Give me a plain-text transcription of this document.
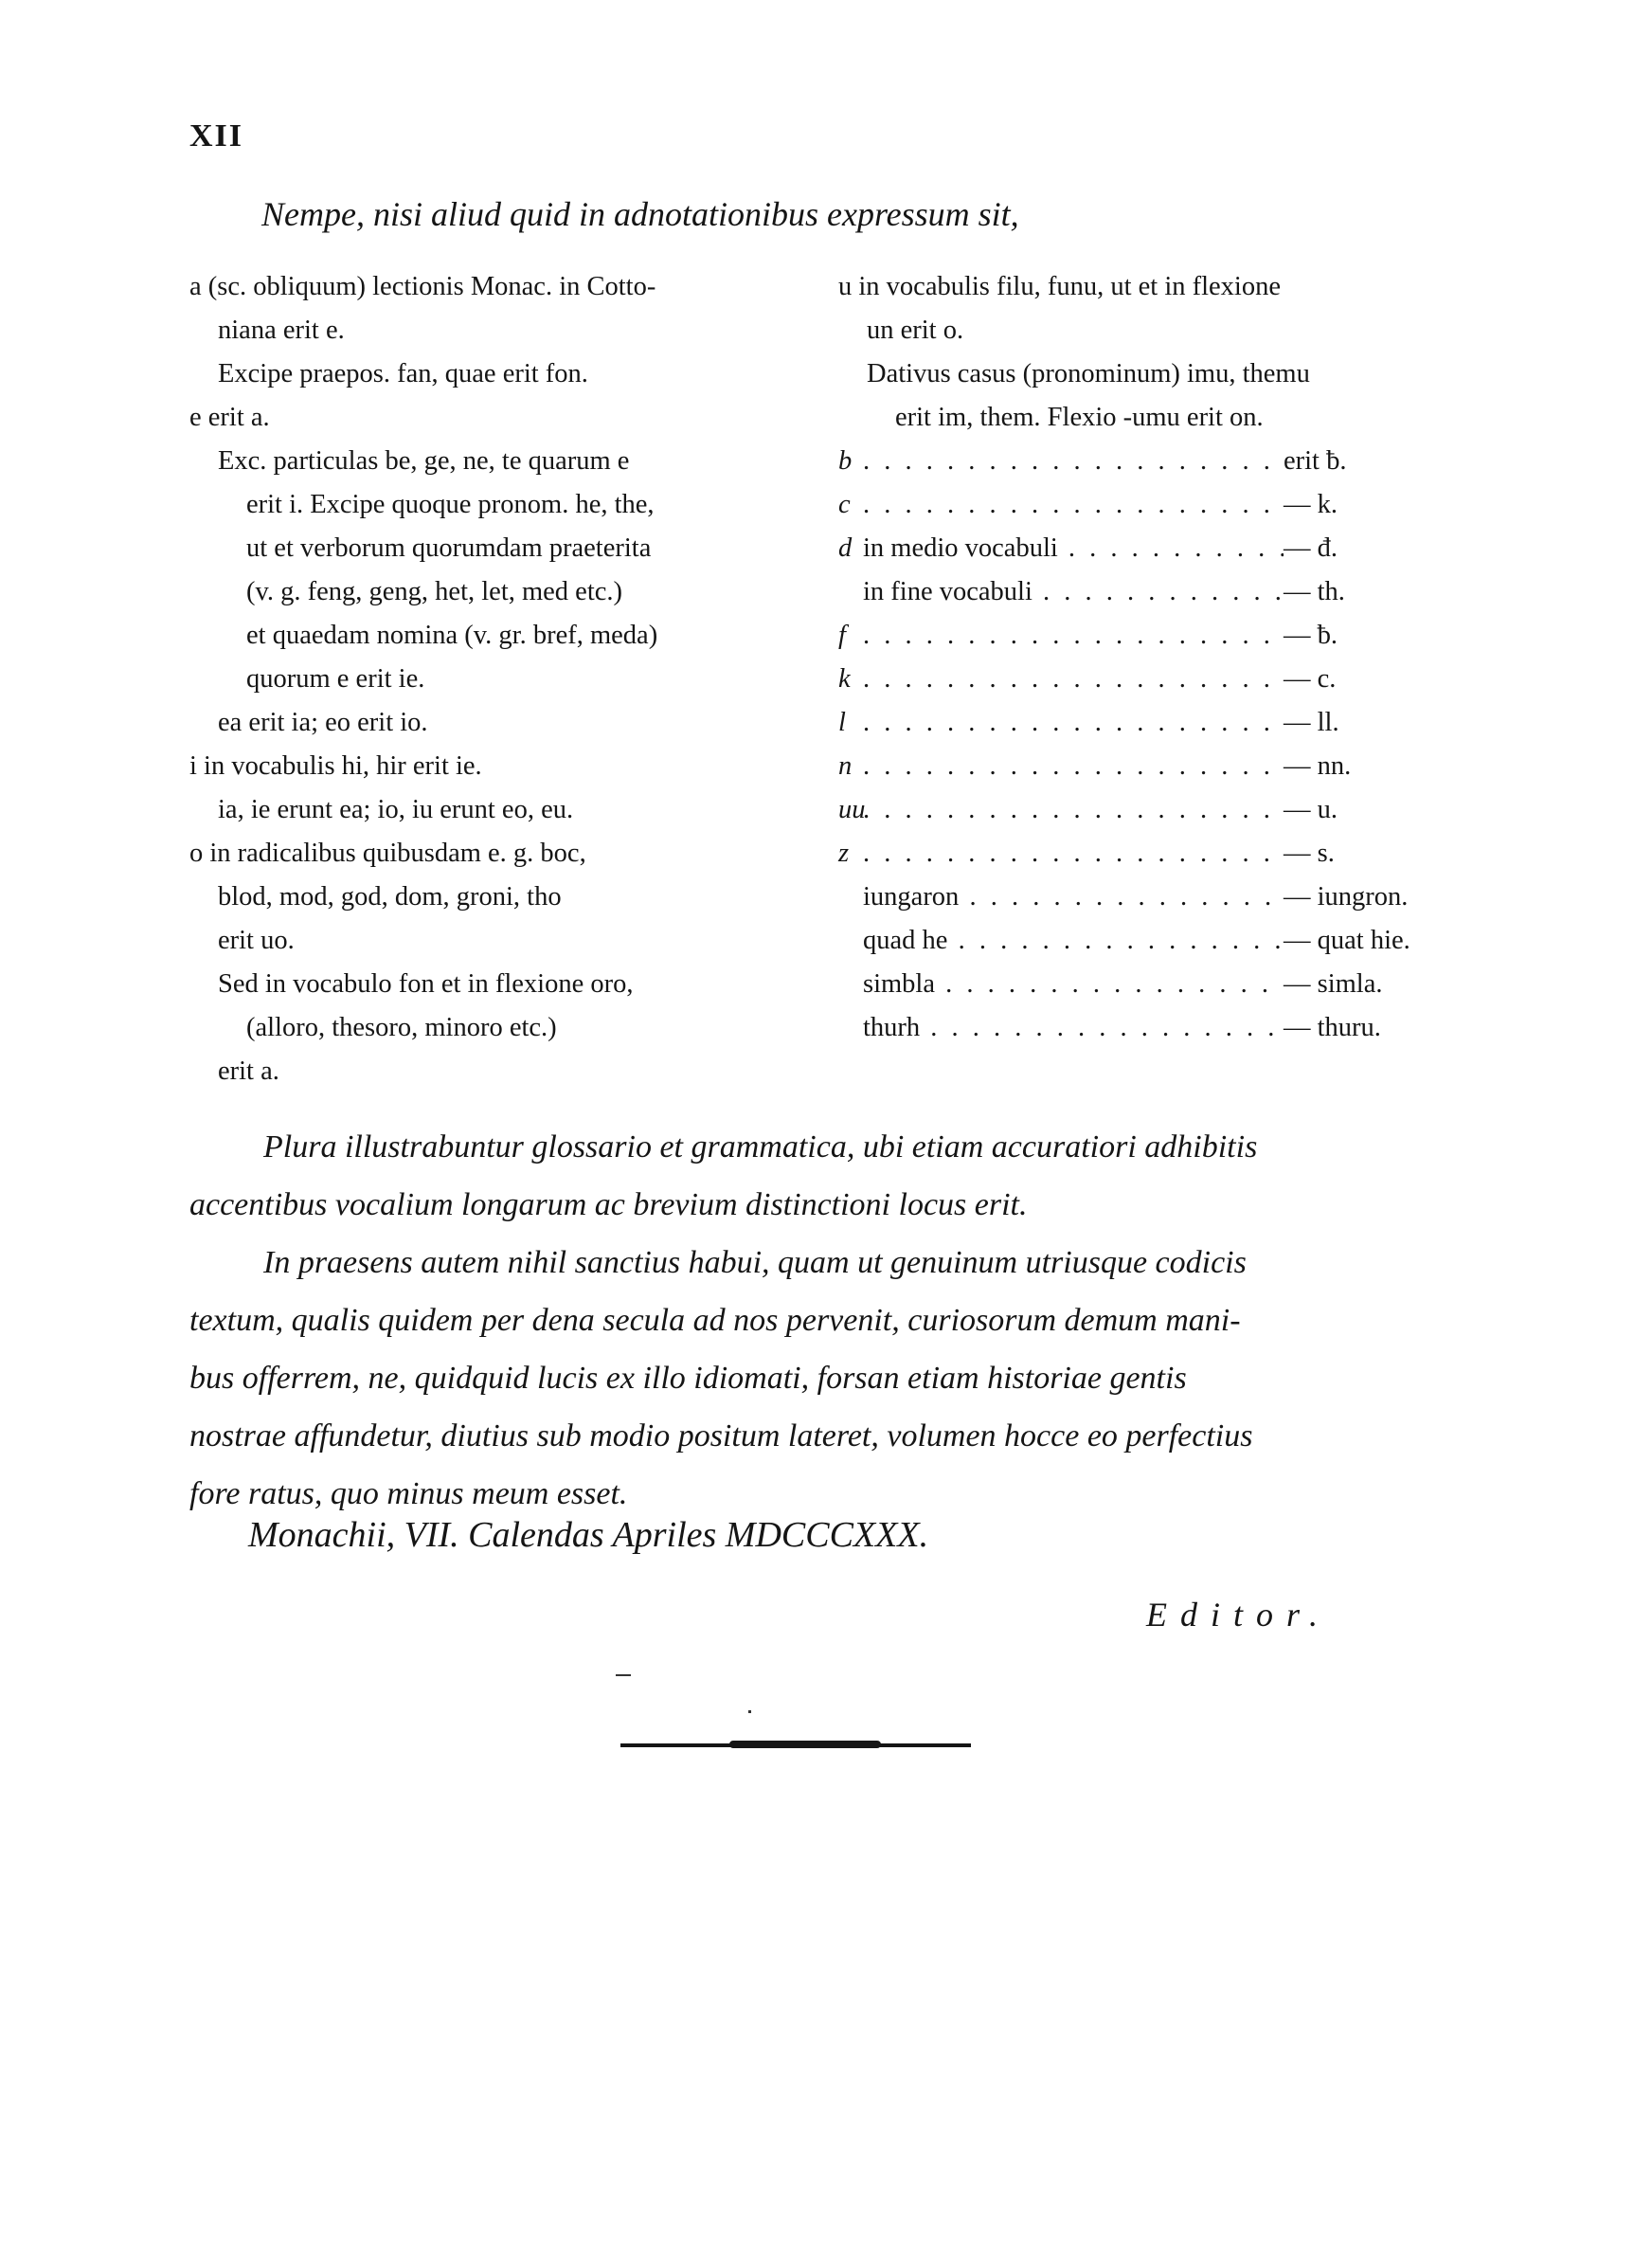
XII
Nempe, nisi aliud quid in adnotationibus expressum sit,
a (sc. obliquum) lectionis Monac. in Cotto-
niana erit e.
Excipe praepos. fan, quae erit fon.
e erit a.
Exc. particulas be, ge, ne, te quarum e
erit i. Excipe quoque pronom. he, the,
ut et verborum quorumdam praeterita
(v. g. feng, geng, het, let, med etc.)
et quaedam nomina (v. gr. bref, meda)
quorum e erit ie.
ea erit ia; eo erit io.
i in vocabulis hi, hir erit ie.
ia, ie erunt ea; io, iu erunt eo, eu.
o in radicalibus quibusdam e. g. boc,
blod, mod, god, dom, groni, tho
erit uo.
Sed in vocabulo fon et in flexione oro,
(alloro, thesoro, minoro etc.)
erit a.
u in vocabulis filu, funu, ut et in flexione
un erit o.
Dativus casus (pronominum) imu, themu
erit im, them. Flexio -umu erit on.
b . . .	erit ƀ.
c . . .	— k.
d in medio vocabuli . . .	— đ.
in fine vocabuli . . .	— th.
f . . .	— ƀ.
k . . .	— c.
l . . .	— ll.
n . . .	— nn.
uu . . .	— u.
z . . .	— s.
iungaron . . .	— iungron.
quad he . . .	— quat hie.
simbla . . .	— simla.
thurh . . .	— thuru.
Plura illustrabuntur glossario et grammatica, ubi etiam accuratiori adhibitis
accentibus vocalium longarum ac brevium distinctioni locus erit.
In praesens autem nihil sanctius habui, quam ut genuinum utriusque codicis
textum, qualis quidem per dena secula ad nos pervenit, curiosorum demum mani-
bus offerrem, ne, quidquid lucis ex illo idiomati, forsan etiam historiae gentis
nostrae affundetur, diutius sub modio positum lateret, volumen hocce eo perfectius
fore ratus, quo minus meum esset.
Monachii, VII. Calendas Apriles MDCCCXXX.
Editor.
